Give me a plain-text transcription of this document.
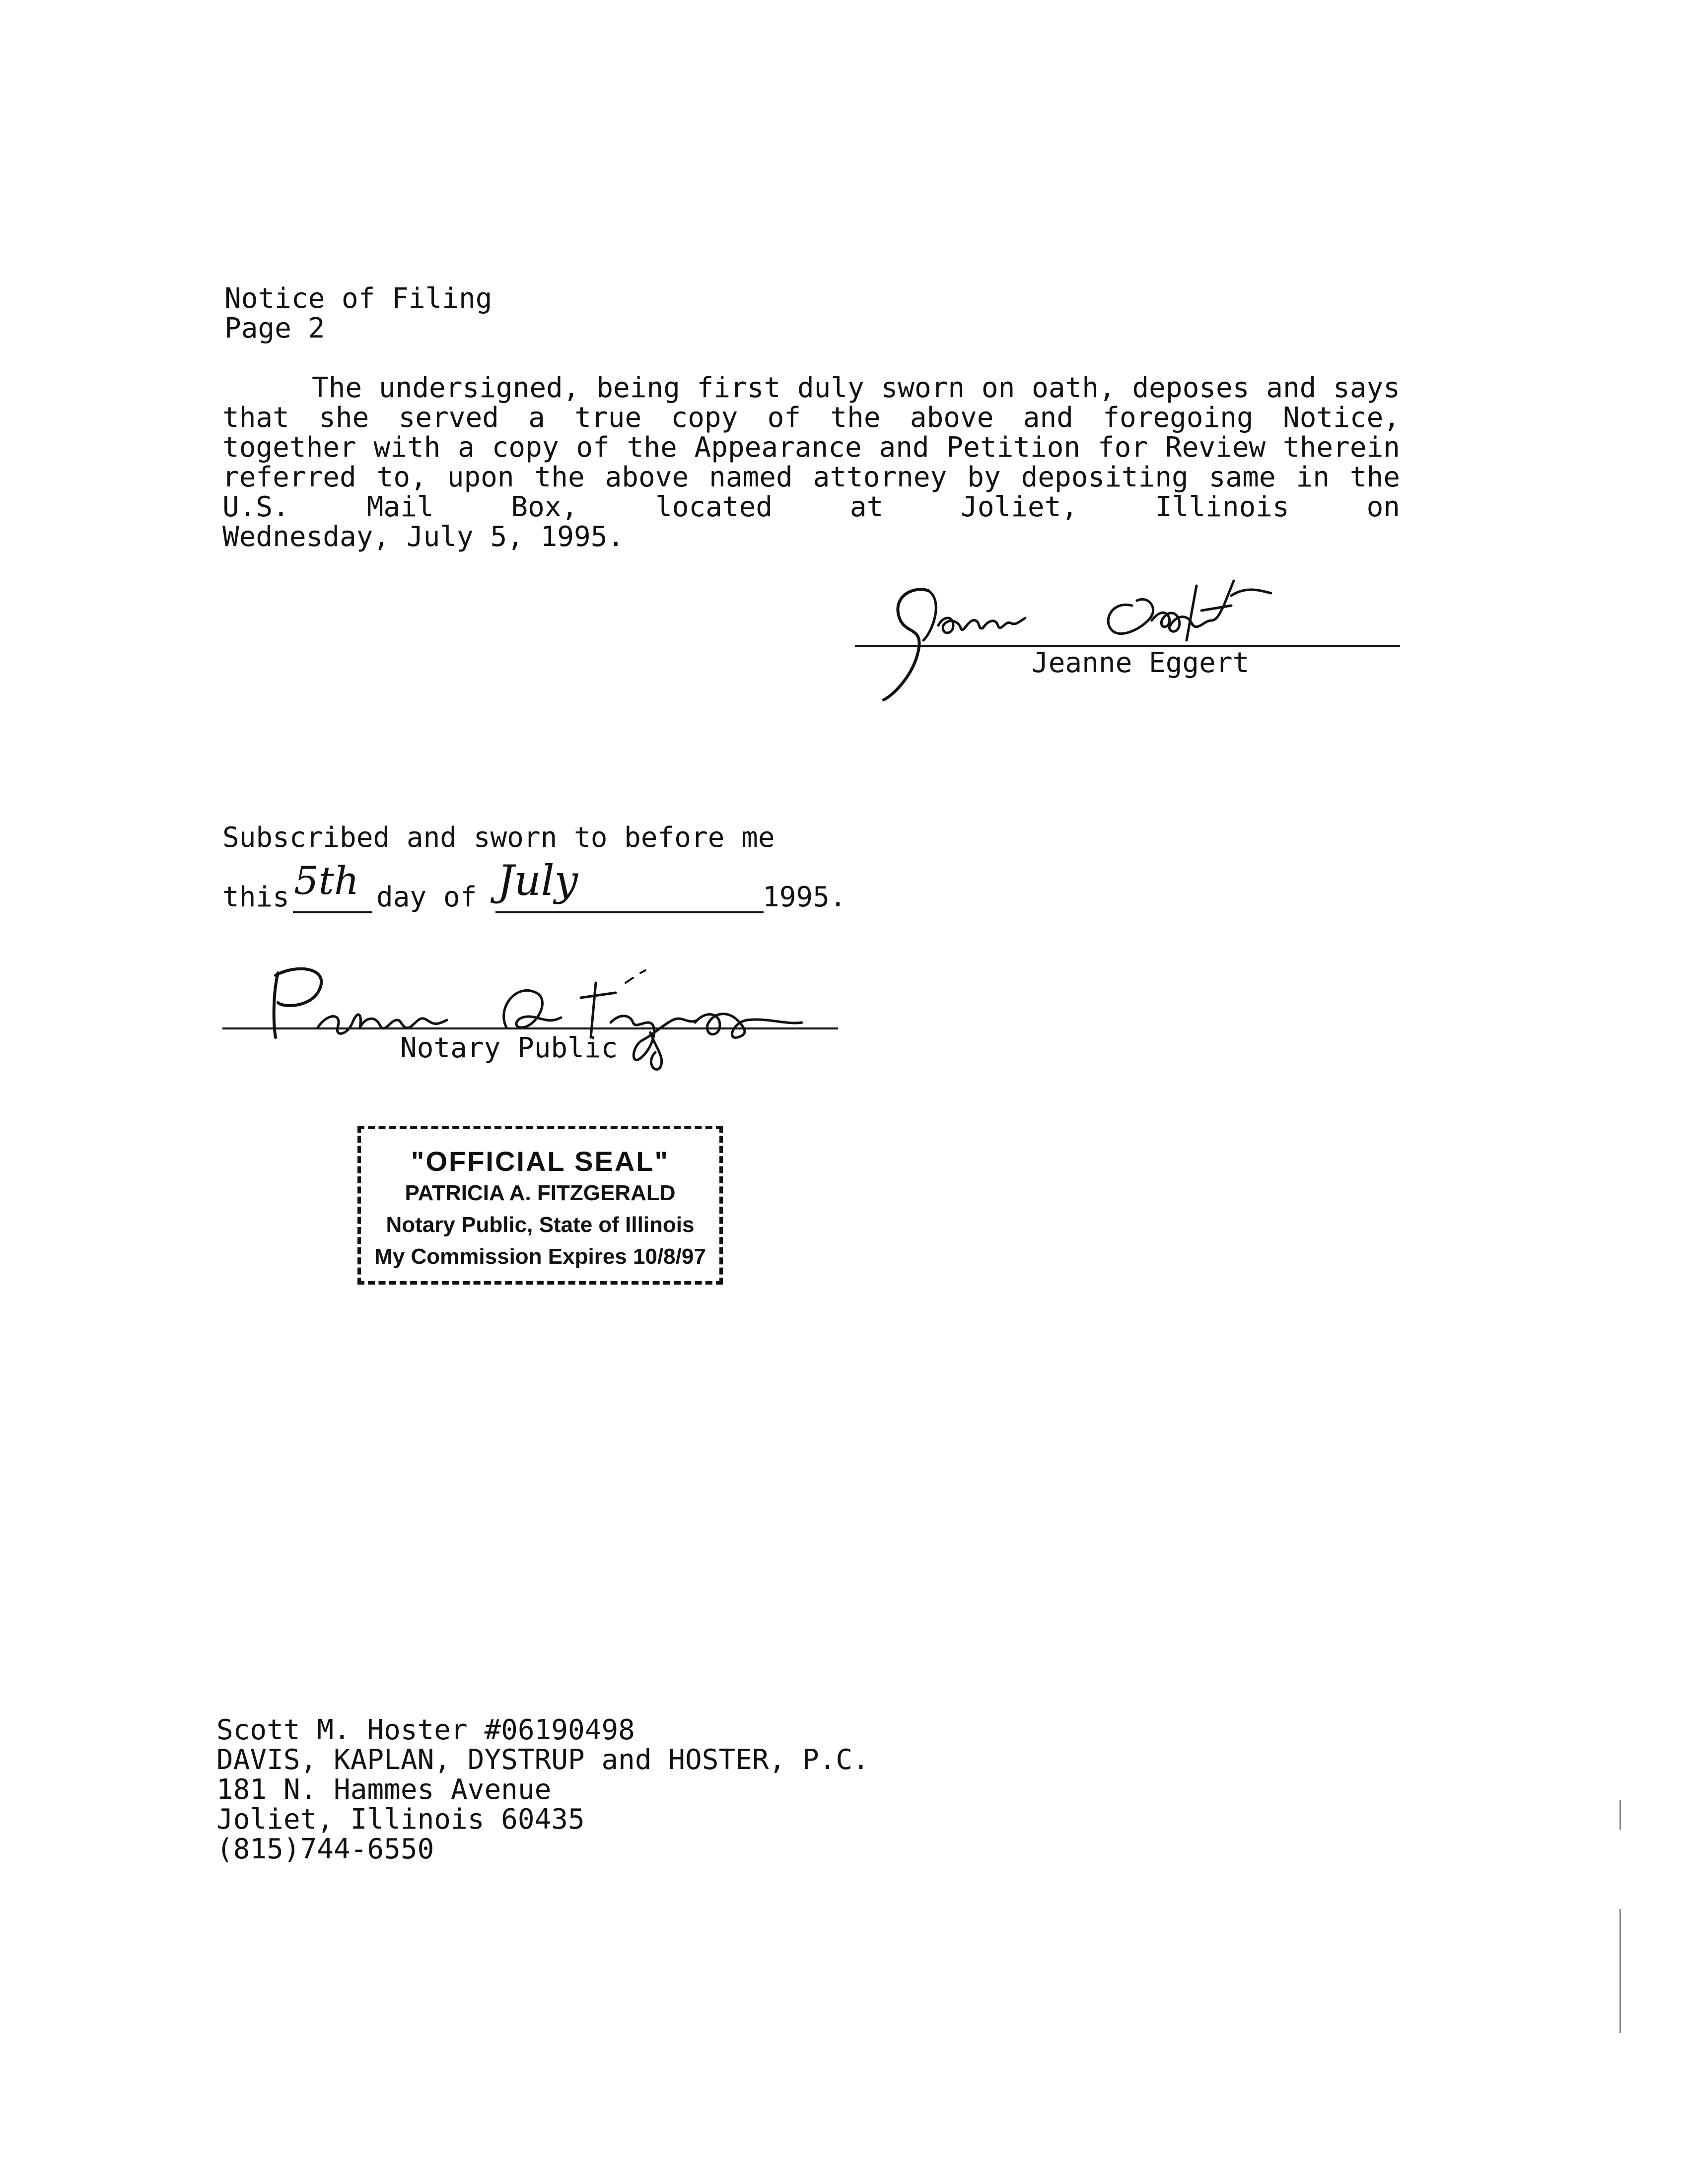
Notice of Filing
Page 2

The undersigned, being first duly sworn on oath, deposes and says that she served a true copy of the above and foregoing Notice, together with a copy of the Appearance and Petition for Review therein referred to, upon the above named attorney by depositing same in the U.S. Mail Box, located at Joliet, Illinois on

Wednesday, July 5, 1995.
Jeanne Eggert
Subscribed and sworn to before me
this 5th day of July	1995.
Notary Public
"OFFICIAL SEAL"
PATRICIA A. FITZGERALD
Notary Public, State of Illinois
My Commission Expires 10/8/97
Scott M. Hoster #06190498
DAVIS, KAPLAN, DYSTRUP and HOSTER, P.C.
181 N. Hammes Avenue
Joliet, Illinois 60435
(815)744-6550
